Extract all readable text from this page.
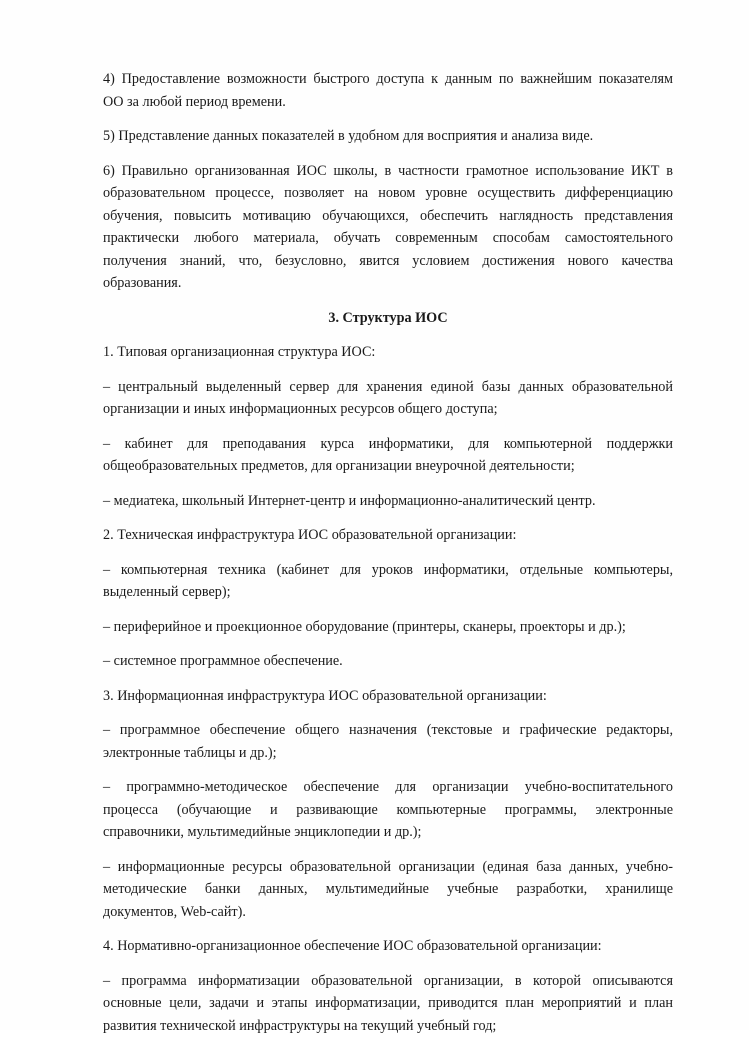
4) Предоставление возможности быстрого доступа к данным по важнейшим показателям
ОО за любой период времени.
5) Представление данных показателей в удобном для восприятия и анализа виде.
6) Правильно организованная ИОС школы, в частности грамотное использование ИКТ в
образовательном процессе, позволяет на новом уровне осуществить дифференциацию
обучения, повысить мотивацию обучающихся, обеспечить наглядность представления
практически любого материала, обучать современным способам самостоятельного
получения знаний, что, безусловно, явится условием достижения нового качества
образования.
3. Структура ИОС
1. Типовая организационная структура ИОС:
– центральный выделенный сервер для хранения единой базы данных образовательной
организации и иных информационных ресурсов общего доступа;
– кабинет для преподавания курса информатики, для компьютерной поддержки
общеобразовательных предметов, для организации внеурочной деятельности;
– медиатека, школьный Интернет-центр и информационно-аналитический центр.
2. Техническая инфраструктура ИОС образовательной организации:
– компьютерная техника (кабинет для уроков информатики, отдельные компьютеры,
выделенный сервер);
– периферийное и проекционное оборудование (принтеры, сканеры, проекторы и др.);
– системное программное обеспечение.
3. Информационная инфраструктура ИОС образовательной организации:
– программное обеспечение общего назначения (текстовые и графические редакторы,
электронные таблицы и др.);
– программно-методическое обеспечение для организации учебно-воспитательного
процесса (обучающие и развивающие компьютерные программы, электронные
справочники, мультимедийные энциклопедии и др.);
– информационные ресурсы образовательной организации (единая база данных, учебно-
методические банки данных, мультимедийные учебные разработки, хранилище
документов, Web-сайт).
4. Нормативно-организационное обеспечение ИОС образовательной организации:
– программа информатизации образовательной организации, в которой описываются
основные цели, задачи и этапы информатизации, приводится план мероприятий и план
развития технической инфраструктуры на текущий учебный год;
